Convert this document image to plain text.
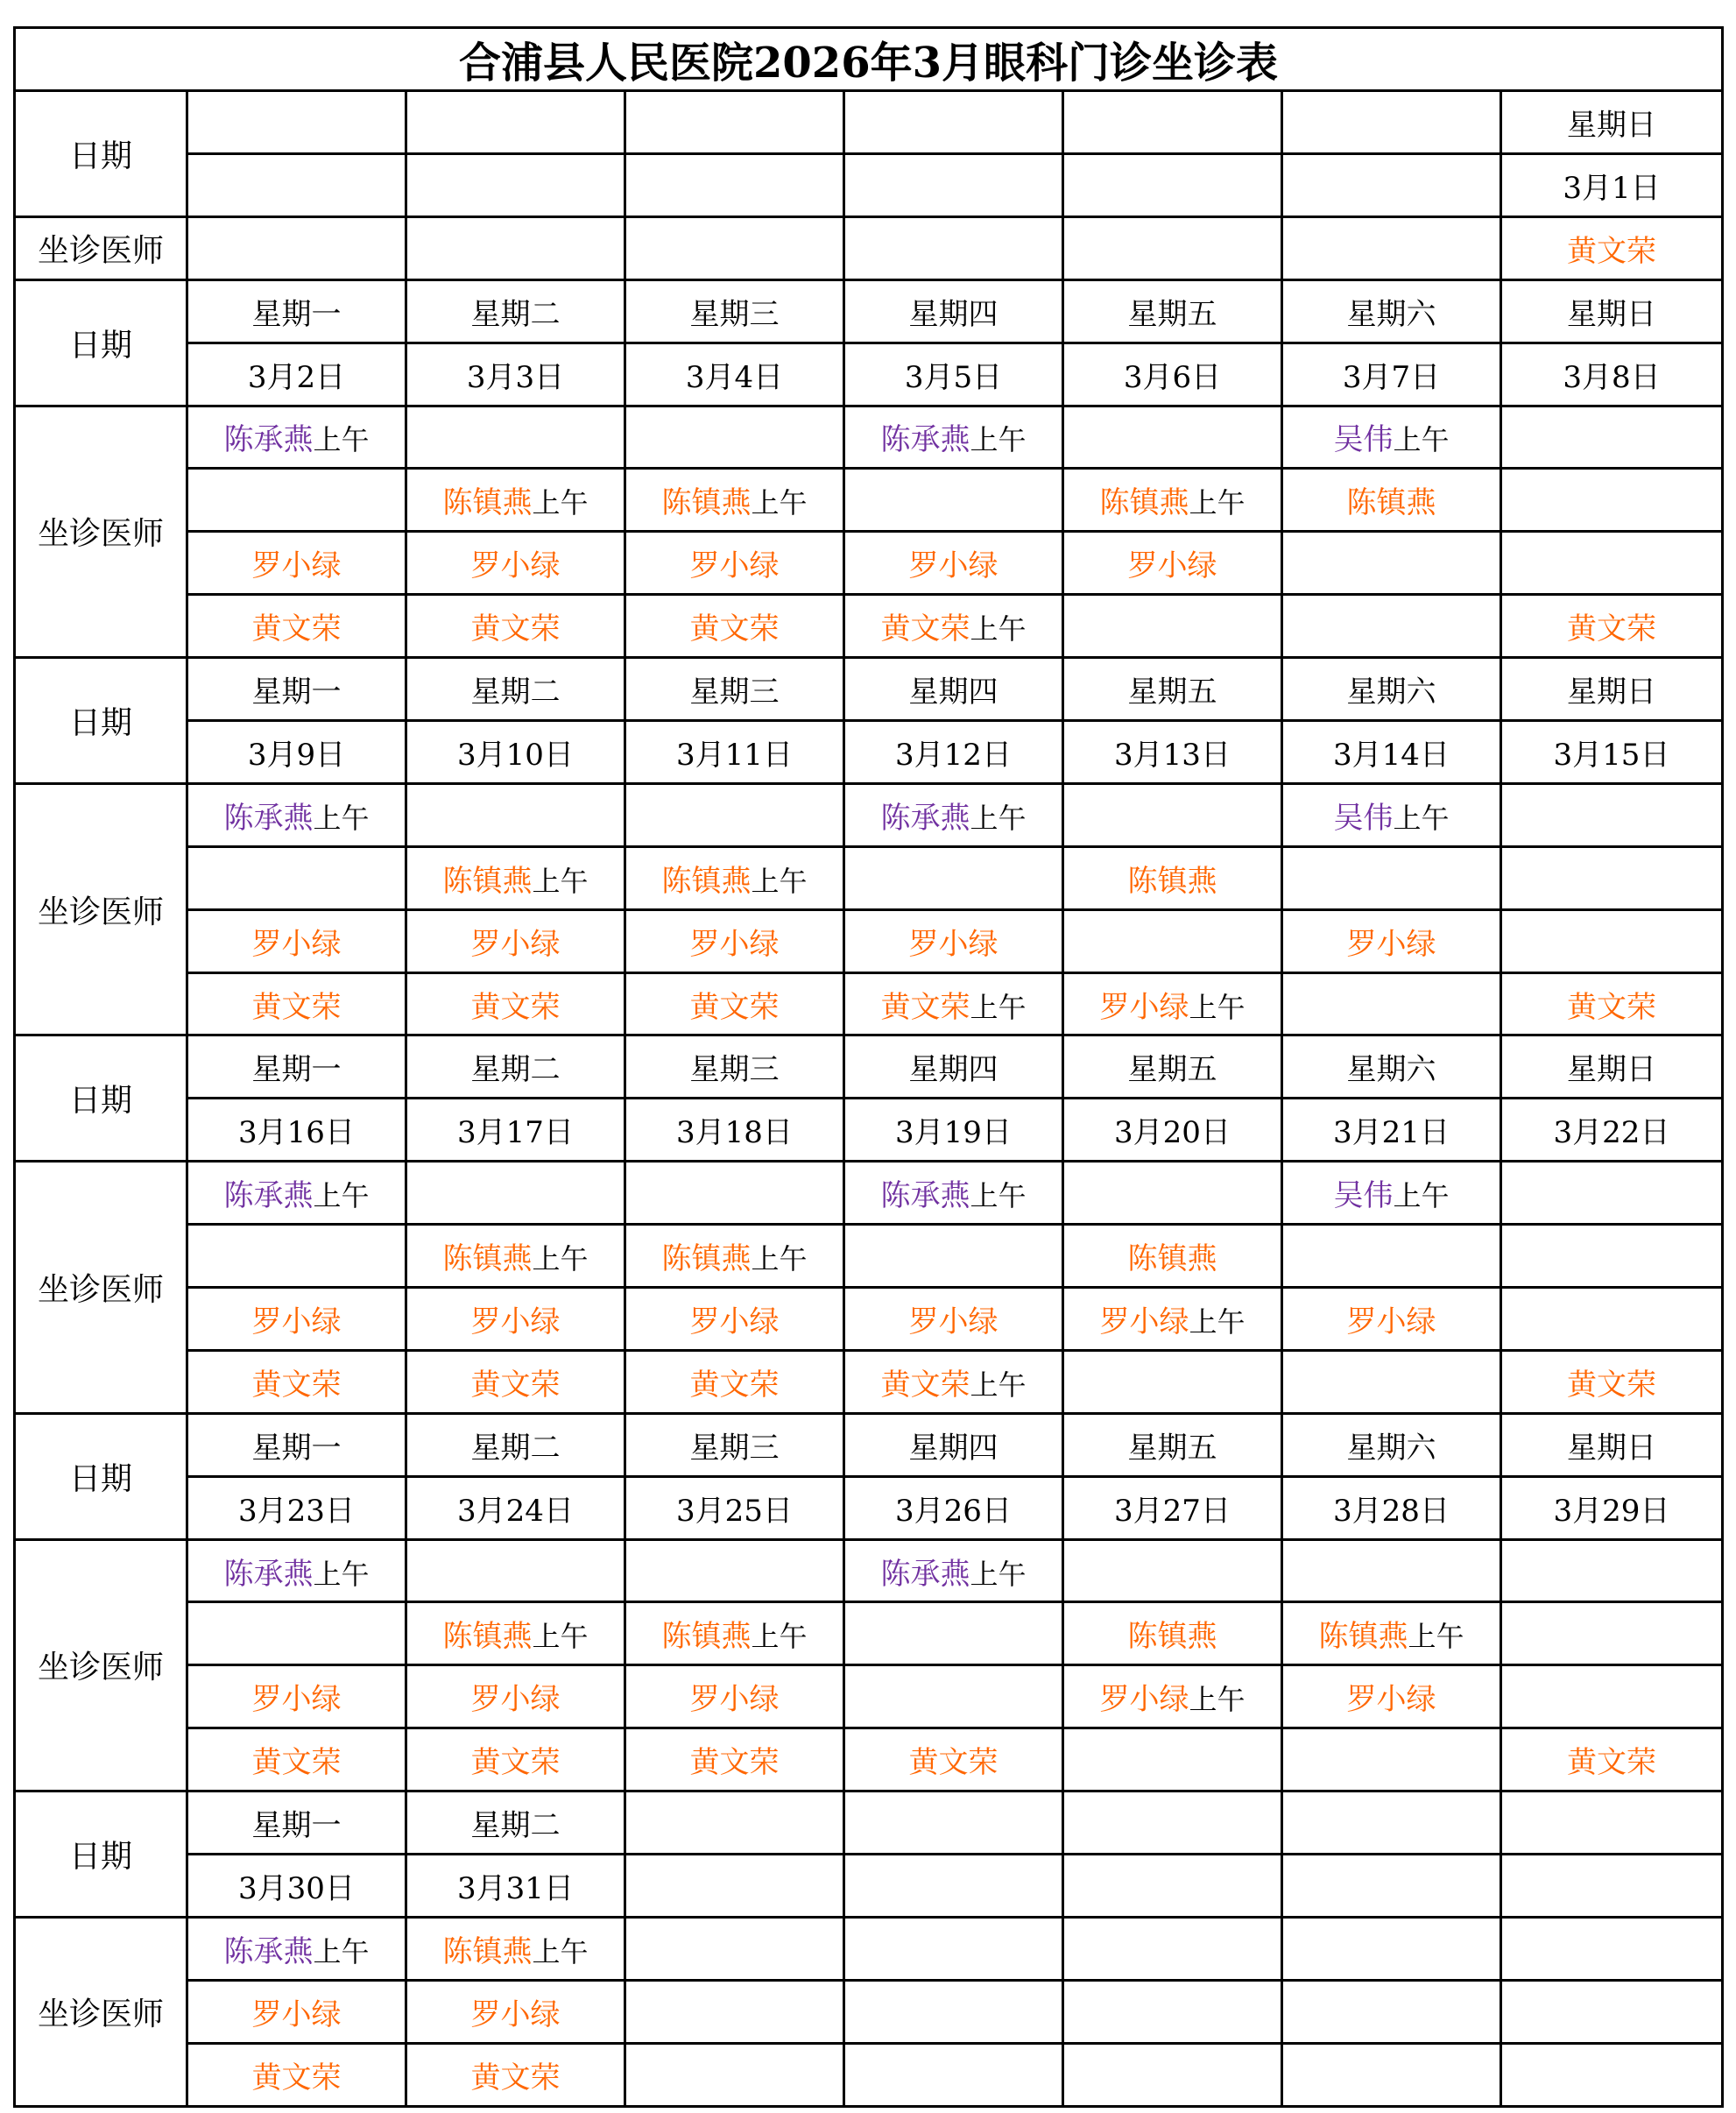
合浦县人民医院2026年3月眼科门诊坐诊表							
日期							星期日
							3月1日
坐诊医师							黄文荣
日期	星期一	星期二	星期三	星期四	星期五	星期六	星期日
	3月2日	3月3日	3月4日	3月5日	3月6日	3月7日	3月8日
坐诊医师	陈承燕上午			陈承燕上午		吴伟上午	
		陈镇燕上午	陈镇燕上午		陈镇燕上午	陈镇燕	
	罗小绿	罗小绿	罗小绿	罗小绿	罗小绿		
	黄文荣	黄文荣	黄文荣	黄文荣上午			黄文荣
日期	星期一	星期二	星期三	星期四	星期五	星期六	星期日
	3月9日	3月10日	3月11日	3月12日	3月13日	3月14日	3月15日
坐诊医师	陈承燕上午			陈承燕上午		吴伟上午	
		陈镇燕上午	陈镇燕上午		陈镇燕		
	罗小绿	罗小绿	罗小绿	罗小绿		罗小绿	
	黄文荣	黄文荣	黄文荣	黄文荣上午	罗小绿上午		黄文荣
日期	星期一	星期二	星期三	星期四	星期五	星期六	星期日
	3月16日	3月17日	3月18日	3月19日	3月20日	3月21日	3月22日
坐诊医师	陈承燕上午			陈承燕上午		吴伟上午	
		陈镇燕上午	陈镇燕上午		陈镇燕		
	罗小绿	罗小绿	罗小绿	罗小绿	罗小绿上午	罗小绿	
	黄文荣	黄文荣	黄文荣	黄文荣上午			黄文荣
日期	星期一	星期二	星期三	星期四	星期五	星期六	星期日
	3月23日	3月24日	3月25日	3月26日	3月27日	3月28日	3月29日
坐诊医师	陈承燕上午			陈承燕上午			
		陈镇燕上午	陈镇燕上午		陈镇燕	陈镇燕上午	
	罗小绿	罗小绿	罗小绿		罗小绿上午	罗小绿	
	黄文荣	黄文荣	黄文荣	黄文荣			黄文荣
日期	星期一	星期二					
	3月30日	3月31日					
坐诊医师	陈承燕上午	陈镇燕上午					
	罗小绿	罗小绿					
	黄文荣	黄文荣					
